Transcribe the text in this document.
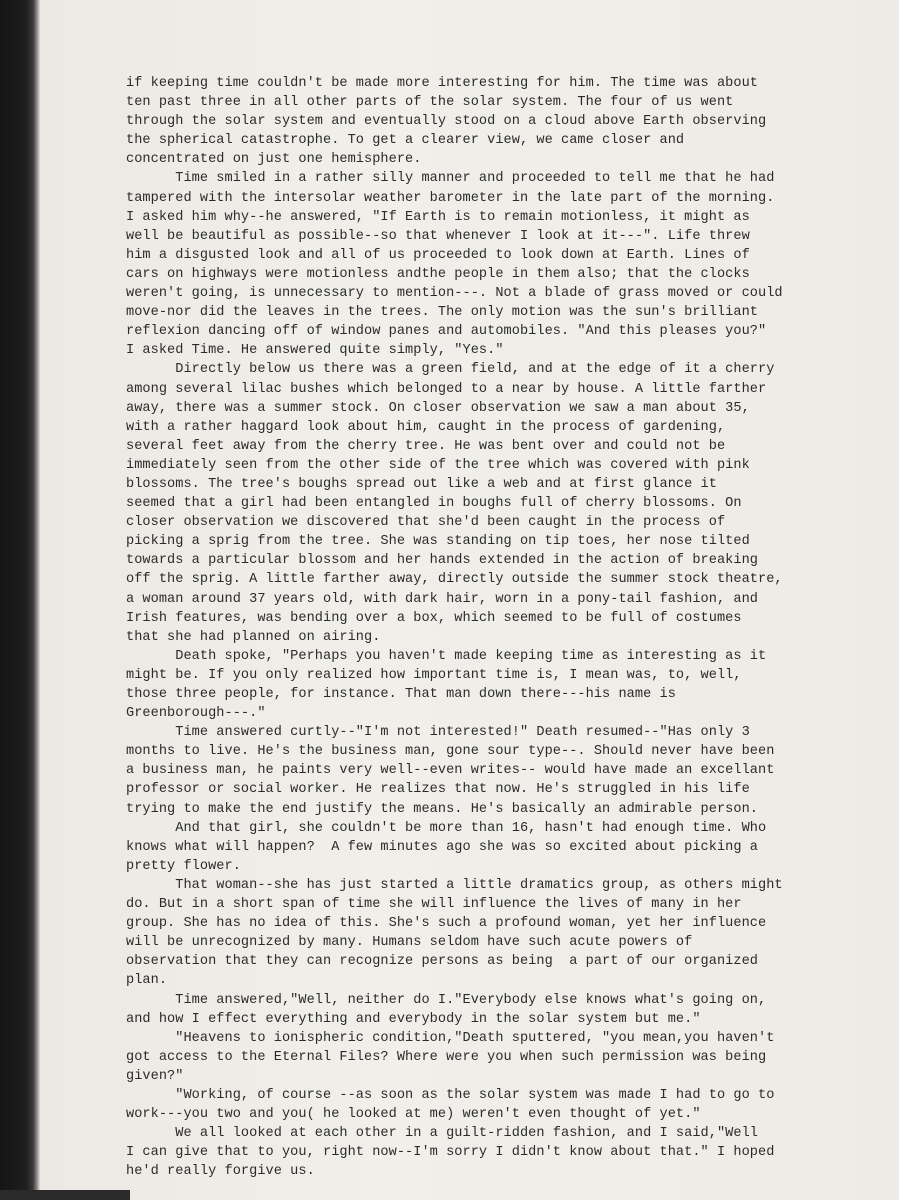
if keeping time couldn't be made more interesting for him. The time was about
ten past three in all other parts of the solar system. The four of us went
through the solar system and eventually stood on a cloud above Earth observing
the spherical catastrophe. To get a clearer view, we came closer and
concentrated on just one hemisphere.
Time smiled in a rather silly manner and proceeded to tell me that he had
tampered with the intersolar weather barometer in the late part of the morning.
I asked him why--he answered, "If Earth is to remain motionless, it might as
well be beautiful as possible--so that whenever I look at it---". Life threw
him a disgusted look and all of us proceeded to look down at Earth. Lines of
cars on highways were motionless andthe people in them also; that the clocks
weren't going, is unnecessary to mention---. Not a blade of grass moved or could
move-nor did the leaves in the trees. The only motion was the sun's brilliant
reflexion dancing off of window panes and automobiles. "And this pleases you?"
I asked Time. He answered quite simply, "Yes."
Directly below us there was a green field, and at the edge of it a cherry
among several lilac bushes which belonged to a near by house. A little farther
away, there was a summer stock. On closer observation we saw a man about 35,
with a rather haggard look about him, caught in the process of gardening,
several feet away from the cherry tree. He was bent over and could not be
immediately seen from the other side of the tree which was covered with pink
blossoms. The tree's boughs spread out like a web and at first glance it
seemed that a girl had been entangled in boughs full of cherry blossoms. On
closer observation we discovered that she'd been caught in the process of
picking a sprig from the tree. She was standing on tip toes, her nose tilted
towards a particular blossom and her hands extended in the action of breaking
off the sprig. A little farther away, directly outside the summer stock theatre,
a woman around 37 years old, with dark hair, worn in a pony-tail fashion, and
Irish features, was bending over a box, which seemed to be full of costumes
that she had planned on airing.
Death spoke, "Perhaps you haven't made keeping time as interesting as it
might be. If you only realized how important time is, I mean was, to, well,
those three people, for instance. That man down there---his name is
Greenborough---."
Time answered curtly--"I'm not interested!" Death resumed--"Has only 3
months to live. He's the business man, gone sour type--. Should never have been
a business man, he paints very well--even writes-- would have made an excellant
professor or social worker. He realizes that now. He's struggled in his life
trying to make the end justify the means. He's basically an admirable person.
And that girl, she couldn't be more than 16, hasn't had enough time. Who
knows what will happen?  A few minutes ago she was so excited about picking a
pretty flower.
That woman--she has just started a little dramatics group, as others might
do. But in a short span of time she will influence the lives of many in her
group. She has no idea of this. She's such a profound woman, yet her influence
will be unrecognized by many. Humans seldom have such acute powers of
observation that they can recognize persons as being  a part of our organized
plan.
Time answered,"Well, neither do I."Everybody else knows what's going on,
and how I effect everything and everybody in the solar system but me."
"Heavens to ionispheric condition,"Death sputtered, "you mean,you haven't
got access to the Eternal Files? Where were you when such permission was being
given?"
"Working, of course --as soon as the solar system was made I had to go to
work---you two and you( he looked at me) weren't even thought of yet."
We all looked at each other in a guilt-ridden fashion, and I said,"Well
I can give that to you, right now--I'm sorry I didn't know about that." I hoped
he'd really forgive us.
